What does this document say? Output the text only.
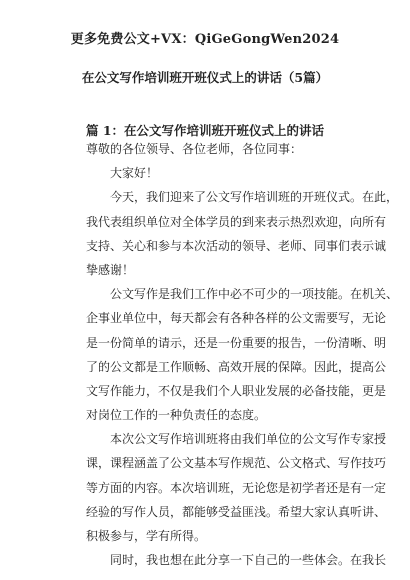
更多免费公文+VX：QiGeGongWen2024
在公文写作培训班开班仪式上的讲话（5篇）
篇 1：在公文写作培训班开班仪式上的讲话
尊敬的各位领导、各位老师，各位同事：
大家好！
今天，我们迎来了公文写作培训班的开班仪式。在此，
我代表组织单位对全体学员的到来表示热烈欢迎，向所有
支持、关心和参与本次活动的领导、老师、同事们表示诚
挚感谢！
公文写作是我们工作中必不可少的一项技能。在机关、
企事业单位中，每天都会有各种各样的公文需要写，无论
是一份简单的请示，还是一份重要的报告，一份清晰、明
了的公文都是工作顺畅、高效开展的保障。因此，提高公
文写作能力，不仅是我们个人职业发展的必备技能，更是
对岗位工作的一种负责任的态度。
本次公文写作培训班将由我们单位的公文写作专家授
课，课程涵盖了公文基本写作规范、公文格式、写作技巧
等方面的内容。本次培训班，无论您是初学者还是有一定
经验的写作人员，都能够受益匪浅。希望大家认真听讲、
积极参与，学有所得。
同时，我也想在此分享一下自己的一些体会。在我长
